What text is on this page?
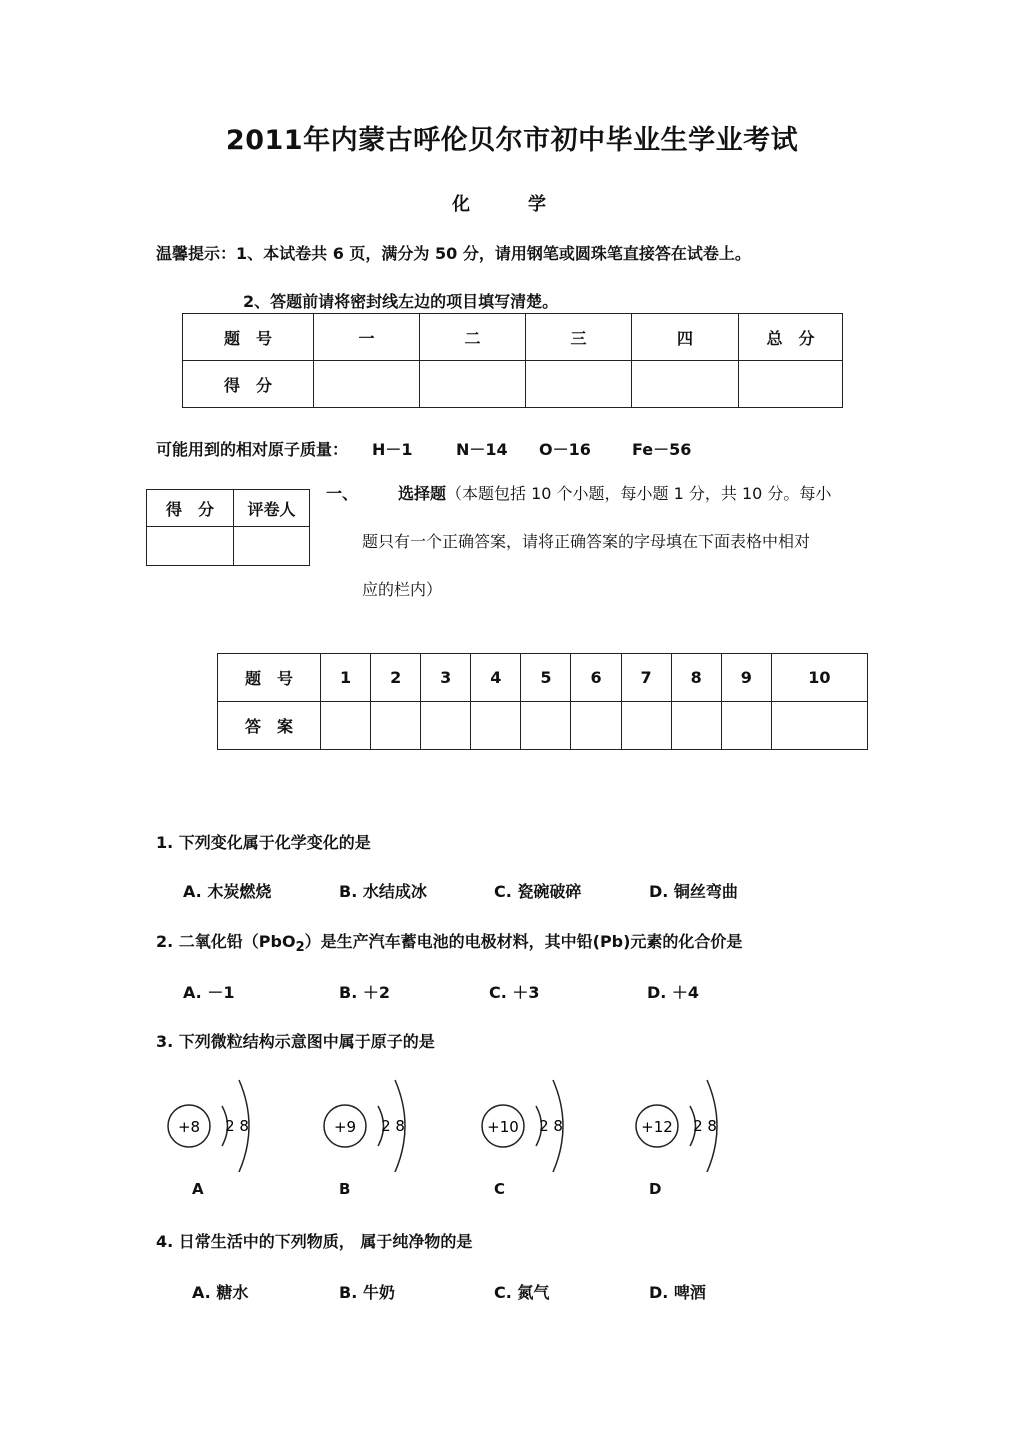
2011年内蒙古呼伦贝尔市初中毕业生学业考试
化	学
温馨提示：1、本试卷共 6 页，满分为 50 分，请用钢笔或圆珠笔直接答在试卷上。
2、答题前请将密封线左边的项目填写清楚。
题　号	一	二	三	四	总　分
得　分					
可能用到的相对原子质量： H－1	N－14 O－16	Fe－56
得　分	评卷人

一、 选择题（本题包括 10 个小题，每小题 1 分，共 10 分。每小
题只有一个正确答案，请将正确答案的字母填在下面表格中相对
应的栏内）
题　号	1	2	3	4	5	6	7	8	9	10
答　案										
1. 下列变化属于化学变化的是
A. 木炭燃烧	B. 水结成冰	C. 瓷碗破碎	D. 铜丝弯曲
2. 二氧化铅（PbO$_2$）是生产汽车蓄电池的电极材料，其中铅(Pb)元素的化合价是
A. －1	B. ＋2	C. ＋3	D. ＋4
3. 下列微粒结构示意图中属于原子的是
+8 2 8	+9 2 8	+10 2 8	+12 2 8
A	B	C	D
4. 日常生活中的下列物质， 属于纯净物的是
A. 糖水	B. 牛奶	C. 氮气	D. 啤酒
